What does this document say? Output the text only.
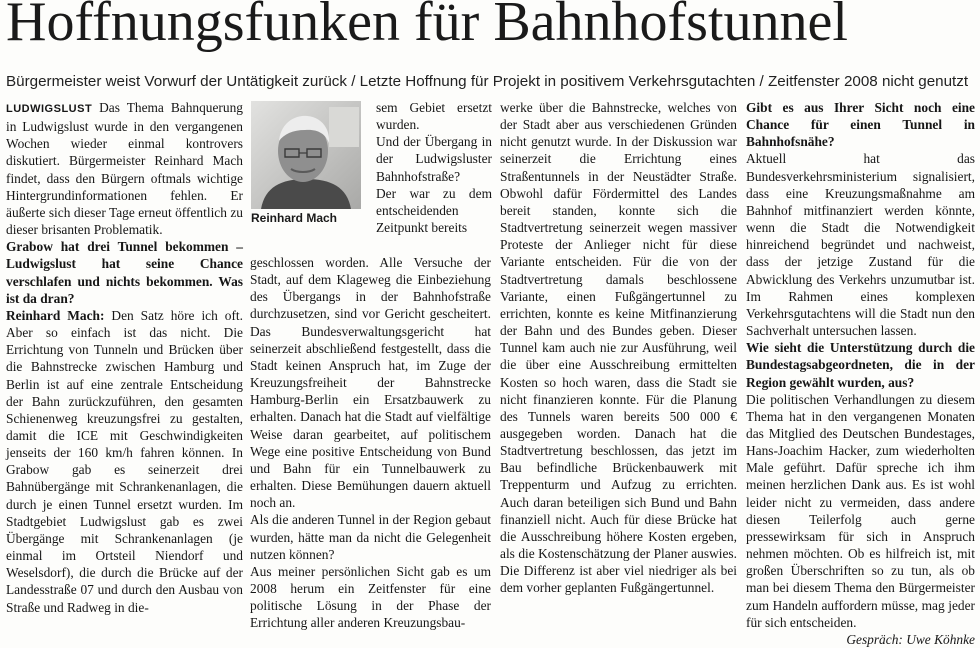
Hoffnungsfunken für Bahnhofstunnel
Bürgermeister weist Vorwurf der Untätigkeit zurück / Letzte Hoffnung für Projekt in positivem Verkehrsgutachten / Zeitfenster 2008 nicht genutzt

LUDWIGSLUST Das Thema Bahnquerung in Ludwigslust wurde in den vergangenen Wochen wieder einmal kontrovers diskutiert. Bürgermeister Reinhard Mach findet, dass den Bürgern oftmals wichtige Hintergrundinformationen fehlen. Er äußerte sich dieser Tage erneut öffentlich zu dieser brisanten Problematik.

Grabow hat drei Tunnel bekommen – Ludwigslust hat seine Chance verschlafen und nichts bekommen. Was ist da dran?

Reinhard Mach: Den Satz höre ich oft. Aber so einfach ist das nicht. Die Errichtung von Tunneln und Brücken über die Bahnstrecke zwischen Hamburg und Berlin ist auf eine zentrale Entscheidung der Bahn zurückzuführen, den gesamten Schienenweg kreuzungsfrei zu gestalten, damit die ICE mit Geschwindigkeiten jenseits der 160 km/h fahren können. In Grabow gab es seinerzeit drei Bahnübergänge mit Schrankenanlagen, die durch je einen Tunnel ersetzt wurden. Im Stadtgebiet Ludwigslust gab es zwei Übergänge mit Schrankenanlagen (je einmal im Ortsteil Niendorf und Weselsdorf), die durch die Brücke auf der Landesstraße 07 und durch den Ausbau von Straße und Radweg in die-

Reinhard Mach

sem Gebiet ersetzt wurden.

Und der Übergang in der Ludwigsluster Bahnhofstraße?

Der war zu dem entscheidenden Zeitpunkt bereits

geschlossen worden. Alle Versuche der Stadt, auf dem Klageweg die Einbeziehung des Übergangs in der Bahnhofstraße durchzusetzen, sind vor Gericht gescheitert. Das Bundesverwaltungsgericht hat seinerzeit abschließend festgestellt, dass die Stadt keinen Anspruch hat, im Zuge der Kreuzungsfreiheit der Bahnstrecke Hamburg-Berlin ein Ersatzbauwerk zu erhalten. Danach hat die Stadt auf vielfältige Weise daran gearbeitet, auf politischem Wege eine positive Entscheidung von Bund und Bahn für ein Tunnelbauwerk zu erhalten. Diese Bemühungen dauern aktuell noch an.

Als die anderen Tunnel in der Region gebaut wurden, hätte man da nicht die Gelegenheit nutzen können?

Aus meiner persönlichen Sicht gab es um 2008 herum ein Zeitfenster für eine politische Lösung in der Phase der Errichtung aller anderen Kreuzungsbau-

werke über die Bahnstrecke, welches von der Stadt aber aus verschiedenen Gründen nicht genutzt wurde. In der Diskussion war seinerzeit die Errichtung eines Straßentunnels in der Neustädter Straße. Obwohl dafür Fördermittel des Landes bereit standen, konnte sich die Stadtvertretung seinerzeit wegen massiver Proteste der Anlieger nicht für diese Variante entscheiden. Für die von der Stadtvertretung damals beschlossene Variante, einen Fußgängertunnel zu errichten, konnte es keine Mitfinanzierung der Bahn und des Bundes geben. Dieser Tunnel kam auch nie zur Ausführung, weil die über eine Ausschreibung ermittelten Kosten so hoch waren, dass die Stadt sie nicht finanzieren konnte. Für die Planung des Tunnels waren bereits 500 000 € ausgegeben worden. Danach hat die Stadtvertretung beschlossen, das jetzt im Bau befindliche Brückenbauwerk mit Treppenturm und Aufzug zu errichten. Auch daran beteiligen sich Bund und Bahn finanziell nicht. Auch für diese Brücke hat die Ausschreibung höhere Kosten ergeben, als die Kostenschätzung der Planer auswies. Die Differenz ist aber viel niedriger als bei dem vorher geplanten Fußgängertunnel.

Gibt es aus Ihrer Sicht noch eine Chance für einen Tunnel in Bahnhofsnähe?

Aktuell hat das Bundesverkehrsministerium signalisiert, dass eine Kreuzungsmaßnahme am Bahnhof mitfinanziert werden könnte, wenn die Stadt die Notwendigkeit hinreichend begründet und nachweist, dass der jetzige Zustand für die Abwicklung des Verkehrs unzumutbar ist. Im Rahmen eines komplexen Verkehrsgutachtens will die Stadt nun den Sachverhalt untersuchen lassen.

Wie sieht die Unterstützung durch die Bundestagsabgeordneten, die in der Region gewählt wurden, aus?

Die politischen Verhandlungen zu diesem Thema hat in den vergangenen Monaten das Mitglied des Deutschen Bundestages, Hans-Joachim Hacker, zum wiederholten Male geführt. Dafür spreche ich ihm meinen herzlichen Dank aus. Es ist wohl leider nicht zu vermeiden, dass andere diesen Teilerfolg auch gerne pressewirksam für sich in Anspruch nehmen möchten. Ob es hilfreich ist, mit großen Überschriften so zu tun, als ob man bei diesem Thema den Bürgermeister zum Handeln auffordern müsse, mag jeder für sich entscheiden.

Gespräch: Uwe Köhnke
